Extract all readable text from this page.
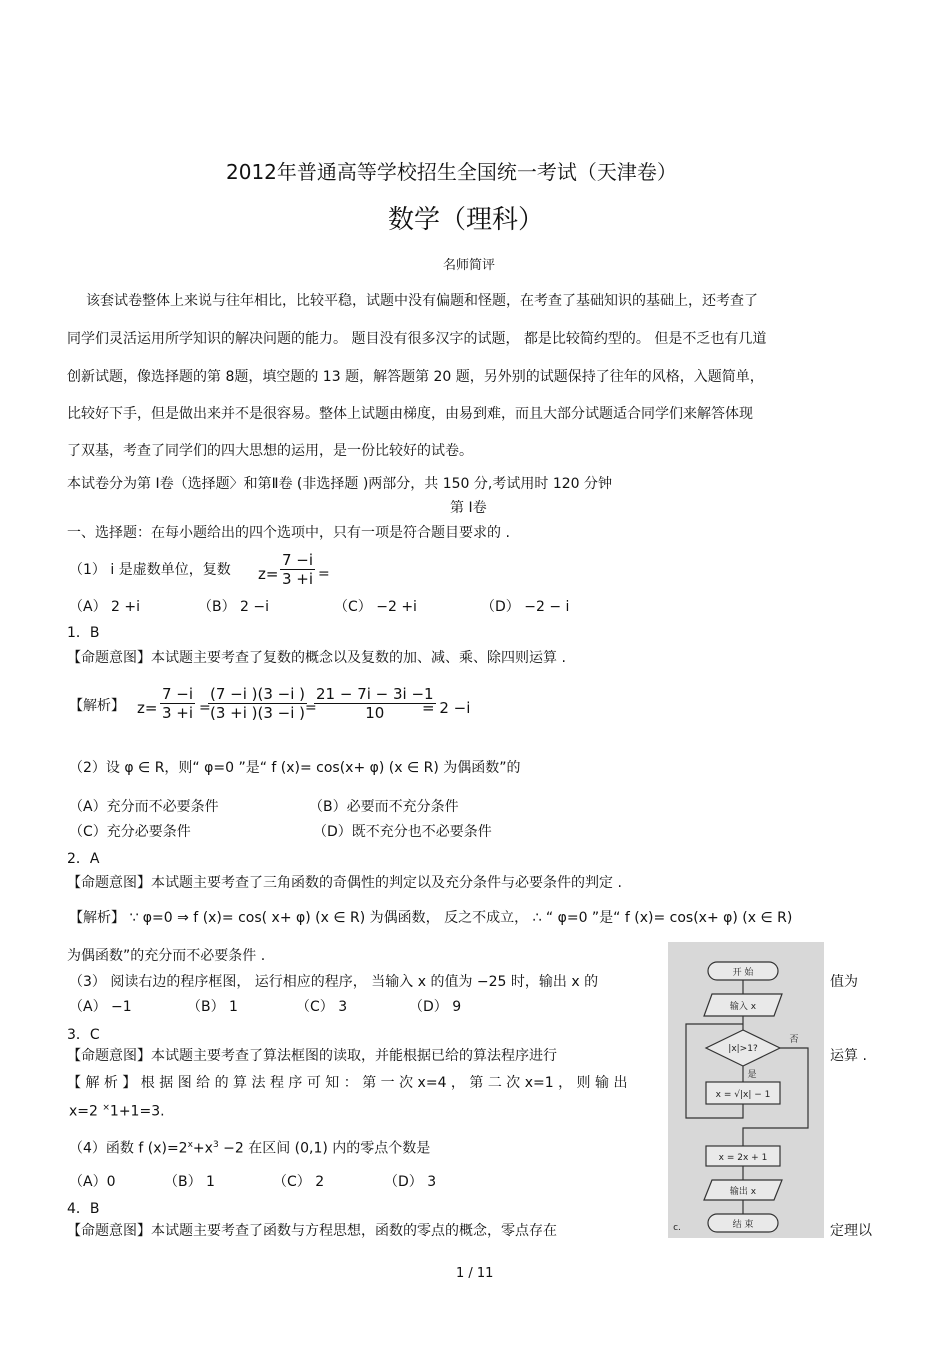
2012年普通高等学校招生全国统一考试（天津卷）
数学（理科）
名师简评
该套试卷整体上来说与往年相比，比较平稳，试题中没有偏题和怪题，在考查了基础知识的基础上，还考查了
同学们灵活运用所学知识的解决问题的能力。 题目没有很多汉字的试题， 都是比较简约型的。 但是不乏也有几道
创新试题，像选择题的第 8题，填空题的 13 题，解答题第 20 题，另外别的试题保持了往年的风格，入题简单，
比较好下手，但是做出来并不是很容易。整体上试题由梯度，由易到难，而且大部分试题适合同学们来解答体现
了双基，考查了同学们的四大思想的运用，是一份比较好的试卷。
本试卷分为第 Ⅰ卷（选择题〉和第Ⅱ卷 (非选择题 )两部分，共 150 分,考试用时 120 分钟
第 Ⅰ卷
一、选择题：在每小题给出的四个选项中，只有一项是符合题目要求的 .
（1） i 是虚数单位，复数 z=
7 −i
3 +i =
（A） 2 +i	（B） 2 −i	（C） −2 +i	（D） −2 − i
1．B
【命题意图】本试题主要考查了复数的概念以及复数的加、减、乘、除四则运算 .
【解析】 z=
7 −i
3 +i =
(7 −i )(3 −i )
(3 +i )(3 −i ) =
21 − 7i − 3i −1
10	= 2 −i
（2）设 φ ∈ R，则“ φ=0 ”是“ f (x)= cos(x+ φ) (x ∈ R) 为偶函数”的
（A）充分而不必要条件	（B）必要而不充分条件
（C）充分必要条件	（D）既不充分也不必要条件
2．A
【命题意图】本试题主要考查了三角函数的奇偶性的判定以及充分条件与必要条件的判定 .
【解析】 ∵ φ=0 ⇒ f (x)= cos( x+ φ) (x ∈ R) 为偶函数， 反之不成立， ∴ “ φ=0 ”是“ f (x)= cos(x+ φ) (x ∈ R)
为偶函数”的充分而不必要条件 .
（3） 阅读右边的程序框图， 运行相应的程序， 当输入 x 的值为 −25 时，输出 x 的	值为
（A） −1	（B） 1	（C） 3	（D） 9
3．C
【命题意图】本试题主要考查了算法框图的读取，并能根据已给的算法程序进行	运算 .
【 解 析 】 根 据 图 给 的 算 法 程 序 可 知 ： 第 一 次 x=4 ， 第 二 次 x=1 ， 则 输 出
x=2 ×1+1=3.
（4）函数 f $(x)=2^x+x^3 -2$ 在区间 (0,1) 内的零点个数是
（A）0	（B） 1	（C） 2	（D） 3
4．B
【命题意图】本试题主要考查了函数与方程思想，函数的零点的概念，零点存在	定理以
开 始
输入 x
|x|>1?
否
是
x = √|x| − 1
x = 2x + 1
输出 x
结 束
c.
1 / 11
